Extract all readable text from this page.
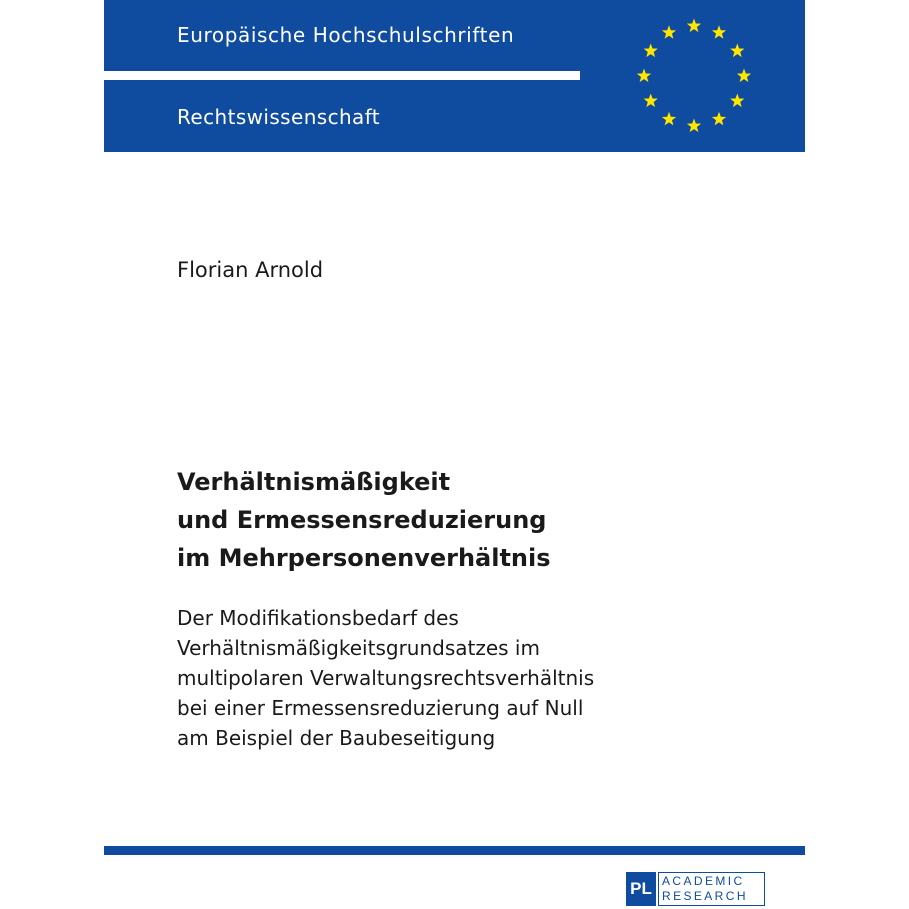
Europäische Hochschulschriften
Rechtswissenschaft
Florian Arnold
Verhältnismäßigkeit
und Ermessensreduzierung
im Mehrpersonenverhältnis
Der Modifikationsbedarf des
Verhältnismäßigkeitsgrundsatzes im
multipolaren Verwaltungsrechtsverhältnis
bei einer Ermessensreduzierung auf Null
am Beispiel der Baubeseitigung
PL ACADEMIC
RESEARCH
